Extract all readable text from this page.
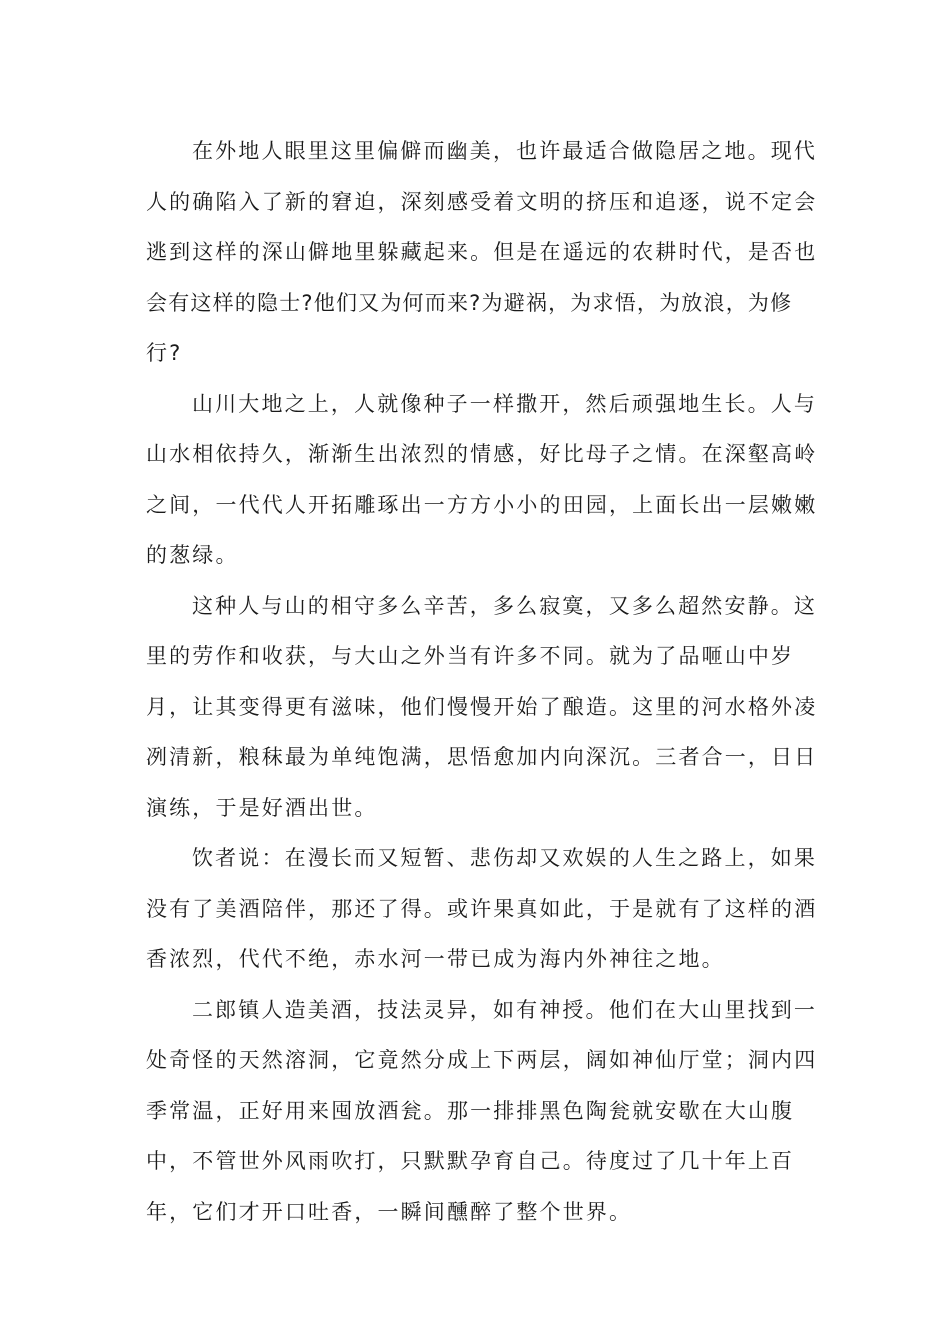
在外地人眼里这里偏僻而幽美，也许最适合做隐居之地。现代
人的确陷入了新的窘迫，深刻感受着文明的挤压和追逐，说不定会
逃到这样的深山僻地里躲藏起来。但是在遥远的农耕时代，是否也
会有这样的隐士?他们又为何而来?为避祸，为求悟，为放浪，为修
行?
山川大地之上，人就像种子一样撒开，然后顽强地生长。人与
山水相依持久，渐渐生出浓烈的情感，好比母子之情。在深壑高岭
之间，一代代人开拓雕琢出一方方小小的田园，上面长出一层嫩嫩
的葱绿。
这种人与山的相守多么辛苦，多么寂寞，又多么超然安静。这
里的劳作和收获，与大山之外当有许多不同。就为了品咂山中岁
月，让其变得更有滋味，他们慢慢开始了酿造。这里的河水格外凌
冽清新，粮秣最为单纯饱满，思悟愈加内向深沉。三者合一，日日
演练，于是好酒出世。
饮者说：在漫长而又短暂、悲伤却又欢娱的人生之路上，如果
没有了美酒陪伴，那还了得。或许果真如此，于是就有了这样的酒
香浓烈，代代不绝，赤水河一带已成为海内外神往之地。
二郎镇人造美酒，技法灵异，如有神授。他们在大山里找到一
处奇怪的天然溶洞，它竟然分成上下两层，阔如神仙厅堂；洞内四
季常温，正好用来囤放酒瓮。那一排排黑色陶瓮就安歇在大山腹
中，不管世外风雨吹打，只默默孕育自己。待度过了几十年上百
年，它们才开口吐香，一瞬间醺醉了整个世界。
